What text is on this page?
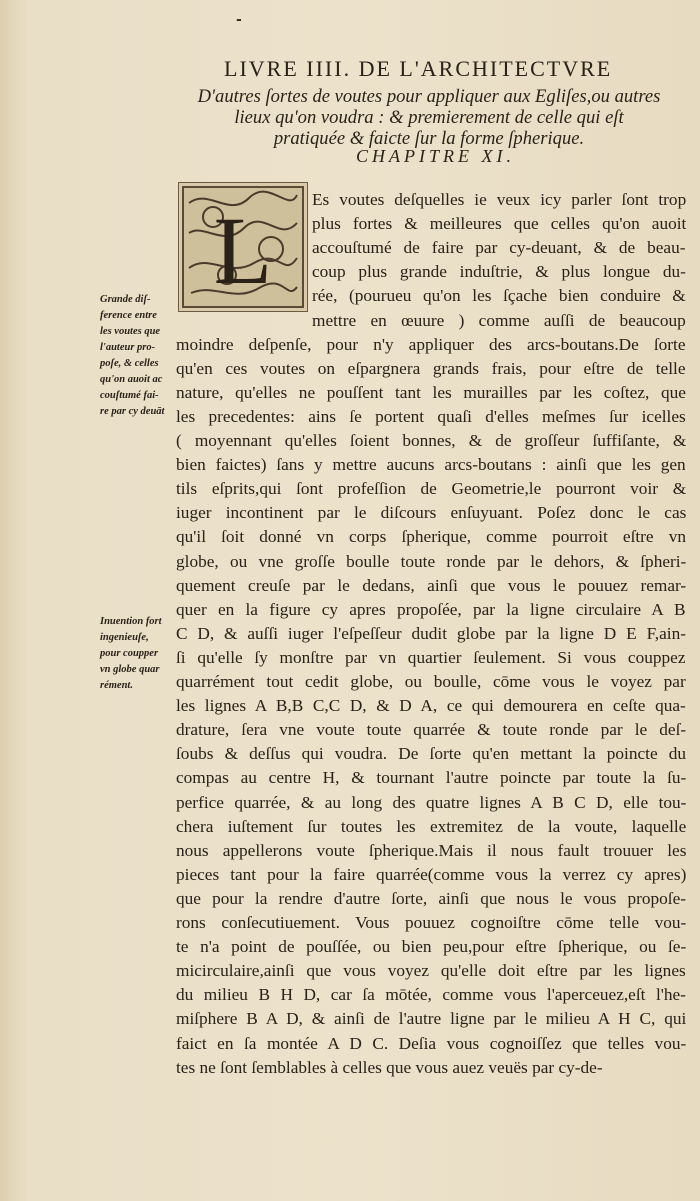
-
LIVRE IIII. DE L'ARCHITECTVRE
D'autres ſortes de voutes pour appliquer aux Egliſes,ou autres
lieux qu'on voudra : & premierement de celle qui eſt
pratiquée & faicte ſur la forme ſpherique.
CHAPITRE XI.
L
Grande diſ-
ference entre
les voutes que
l'auteur pro-
poſe, & celles
qu'on auoit ac
couſtumé fai-
re par cy deuāt
Inuention fort
ingenieuſe,
pour coupper
vn globe quar
rément.
Es voutes deſquelles ie veux icy parler ſont trop
plus fortes & meilleures que celles qu'on auoit
accouſtumé de faire par cy-deuant, & de beau-
coup plus grande induſtrie, & plus longue du-
rée, (pourueu qu'on les ſçache bien conduire &
mettre en œuure ) comme auſſi de beaucoup
moindre deſpenſe, pour n'y appliquer des arcs-boutans.De ſorte
qu'en ces voutes on eſpargnera grands frais, pour eſtre de telle
nature, qu'elles ne pouſſent tant les murailles par les coſtez, que
les precedentes: ains ſe portent quaſi d'elles meſmes ſur icelles
( moyennant qu'elles ſoient bonnes, & de groſſeur ſuffiſante, &
bien faictes) ſans y mettre aucuns arcs-boutans : ainſi que les gen
tils eſprits,qui ſont profeſſion de Geometrie,le pourront voir &
iuger incontinent par le diſcours enſuyuant. Poſez donc le cas
qu'il ſoit donné vn corps ſpherique, comme pourroit eſtre vn
globe, ou vne groſſe boulle toute ronde par le dehors, & ſpheri-
quement creuſe par le dedans, ainſi que vous le pouuez remar-
quer en la figure cy apres propoſée, par la ligne circulaire A B
C D, & auſſi iuger l'eſpeſſeur dudit globe par la ligne D E F,ain-
ſi qu'elle ſy monſtre par vn quartier ſeulement. Si vous couppez
quarrément tout cedit globe, ou boulle, cōme vous le voyez par
les lignes A B,B C,C D, & D A, ce qui demourera en ceſte qua-
drature, ſera vne voute toute quarrée & toute ronde par le deſ-
ſoubs & deſſus qui voudra. De ſorte qu'en mettant la poincte du
compas au centre H, & tournant l'autre poincte par toute la ſu-
perfice quarrée, & au long des quatre lignes A B C D, elle tou-
chera iuſtement ſur toutes les extremitez de la voute, laquelle
nous appellerons voute ſpherique.Mais il nous fault trouuer les
pieces tant pour la faire quarrée(comme vous la verrez cy apres)
que pour la rendre d'autre ſorte, ainſi que nous le vous propoſe-
rons conſecutiuement. Vous pouuez cognoiſtre cōme telle vou-
te n'a point de pouſſée, ou bien peu,pour eſtre ſpherique, ou ſe-
micirculaire,ainſi que vous voyez qu'elle doit eſtre par les lignes
du milieu B H D, car ſa mōtée, comme vous l'aperceuez,eſt l'he-
miſphere B A D, & ainſi de l'autre ligne par le milieu A H C, qui
faict en ſa montée A D C. Deſia vous cognoiſſez que telles vou-
tes ne ſont ſemblables à celles que vous auez veuës par cy-de-
